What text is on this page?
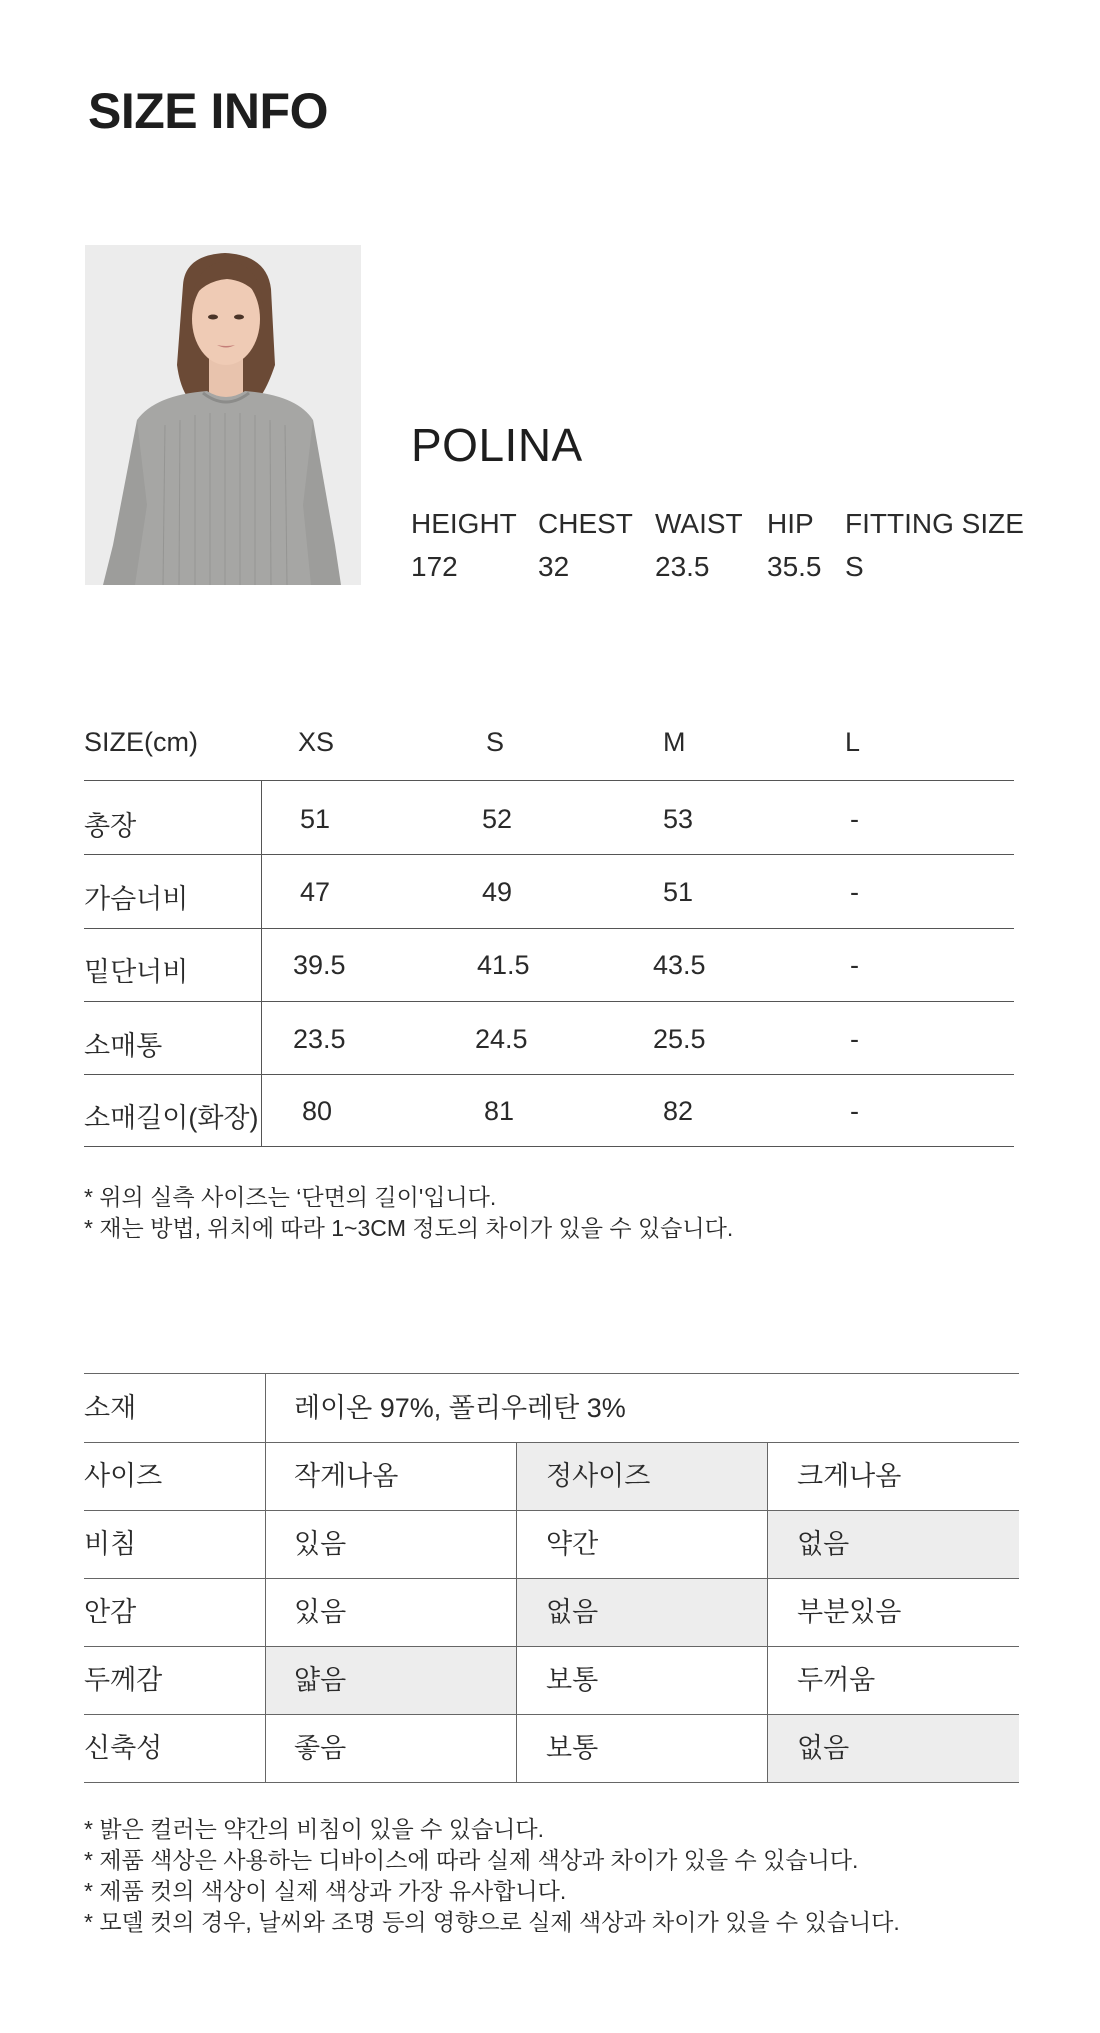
SIZE INFO
POLINA
HEIGHT CHEST WAIST HIP FITTING SIZE
172	32	23.5 35.5 S
SIZE(cm)	XS	S	M	L
총장	51	52	53	-
가슴너비	47	49	51	-
밑단너비	39.5	41.5	43.5	-
소매통	23.5	24.5	25.5	-
소매길이(화장) 80	81	82	-
* 위의 실측 사이즈는 ‘단면의 길이'입니다.
* 재는 방법, 위치에 따라 1~3CM 정도의 차이가 있을 수 있습니다.
소재	레이온 97%, 폴리우레탄 3%
사이즈	작게나옴	정사이즈	크게나옴
비침	있음	약간	없음
안감	있음	없음	부분있음
두께감	얇음	보통	두꺼움
신축성	좋음	보통	없음
* 밝은 컬러는 약간의 비침이 있을 수 있습니다.
* 제품 색상은 사용하는 디바이스에 따라 실제 색상과 차이가 있을 수 있습니다.
* 제품 컷의 색상이 실제 색상과 가장 유사합니다.
* 모델 컷의 경우, 날씨와 조명 등의 영향으로 실제 색상과 차이가 있을 수 있습니다.
